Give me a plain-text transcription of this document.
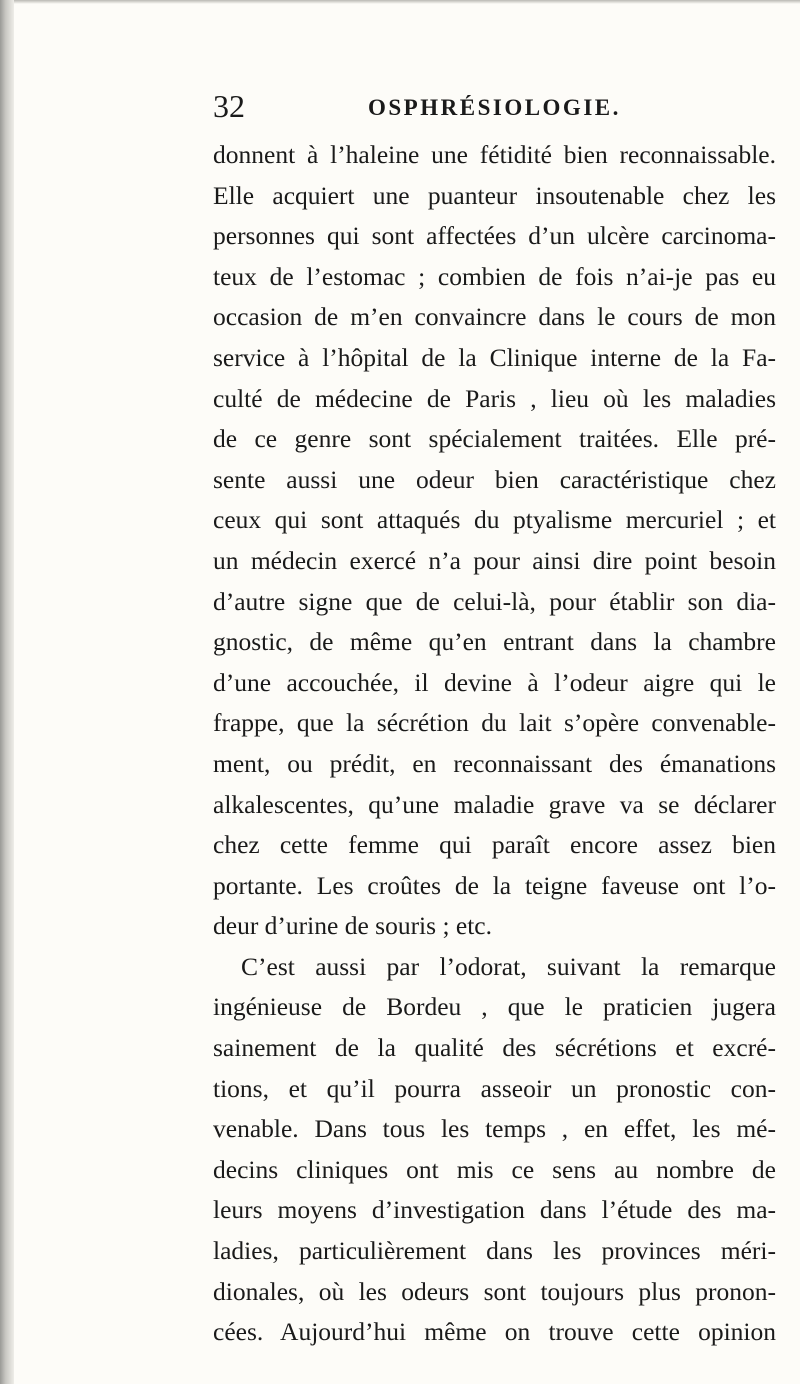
32	OSPHRÉSIOLOGIE.
donnent à l’haleine une fétidité bien reconnaissable.
Elle acquiert une puanteur insoutenable chez les
personnes qui sont affectées d’un ulcère carcinoma-
teux de l’estomac ; combien de fois n’ai-je pas eu
occasion de m’en convaincre dans le cours de mon
service à l’hôpital de la Clinique interne de la Fa-
culté de médecine de Paris , lieu où les maladies
de ce genre sont spécialement traitées. Elle pré-
sente aussi une odeur bien caractéristique chez
ceux qui sont attaqués du ptyalisme mercuriel ; et
un médecin exercé n’a pour ainsi dire point besoin
d’autre signe que de celui-là, pour établir son dia-
gnostic, de même qu’en entrant dans la chambre
d’une accouchée, il devine à l’odeur aigre qui le
frappe, que la sécrétion du lait s’opère convenable-
ment, ou prédit, en reconnaissant des émanations
alkalescentes, qu’une maladie grave va se déclarer
chez cette femme qui paraît encore assez bien
portante. Les croûtes de la teigne faveuse ont l’o-
deur d’urine de souris ; etc.
C’est aussi par l’odorat, suivant la remarque
ingénieuse de Bordeu , que le praticien jugera
sainement de la qualité des sécrétions et excré-
tions, et qu’il pourra asseoir un pronostic con-
venable. Dans tous les temps , en effet, les mé-
decins cliniques ont mis ce sens au nombre de
leurs moyens d’investigation dans l’étude des ma-
ladies, particulièrement dans les provinces méri-
dionales, où les odeurs sont toujours plus pronon-
cées. Aujourd’hui même on trouve cette opinion
